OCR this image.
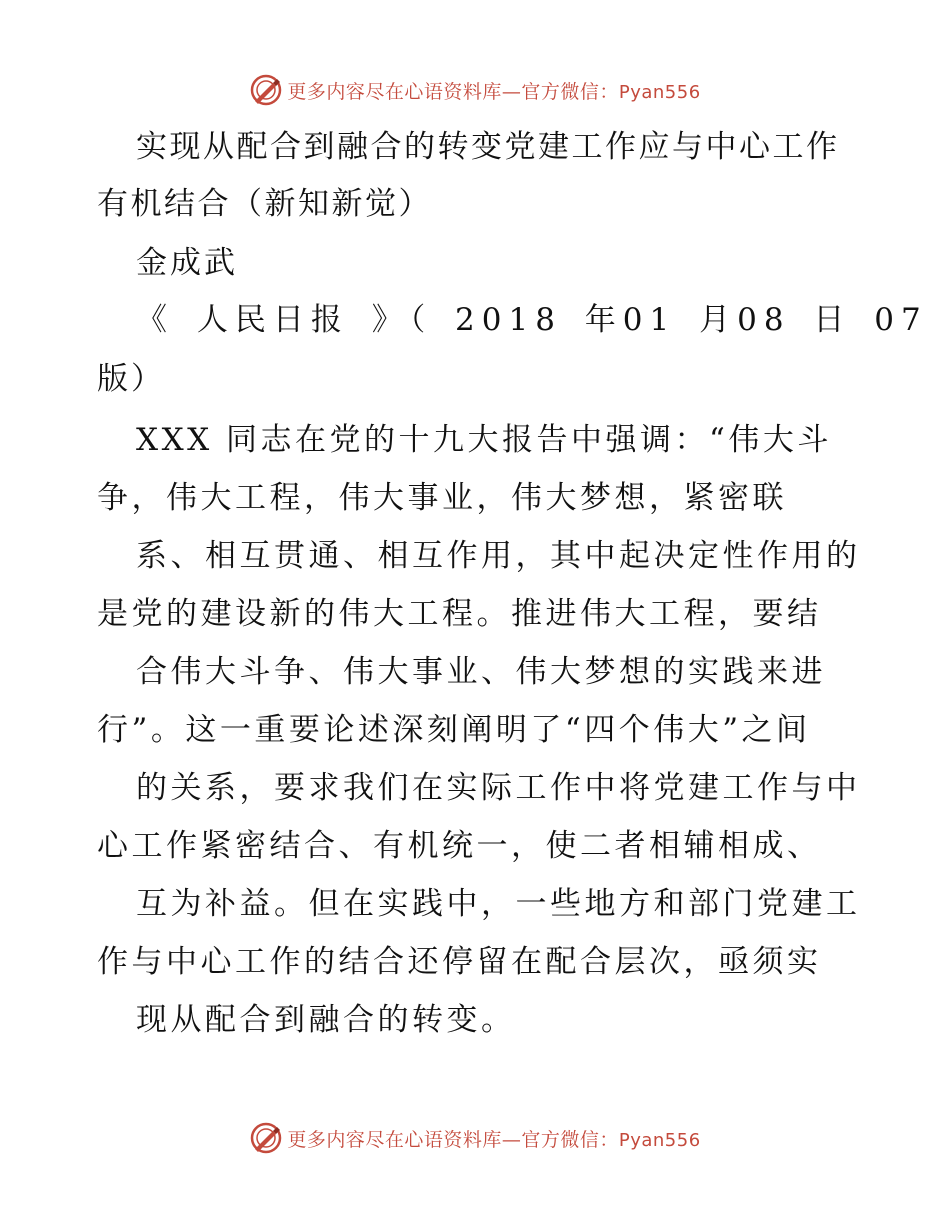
更多内容尽在心语资料库—官方微信：Pyan556
实现从配合到融合的转变党建工作应与中心工作
有机结合（新知新觉）
金成武
《 人民日报 》（ 2018 年01 月08 日 07
版）
XXX 同志在党的十九大报告中强调：“伟大斗
争，伟大工程，伟大事业，伟大梦想，紧密联
系、相互贯通、相互作用，其中起决定性作用的
是党的建设新的伟大工程。推进伟大工程，要结
合伟大斗争、伟大事业、伟大梦想的实践来进
行”。这一重要论述深刻阐明了“四个伟大”之间
的关系，要求我们在实际工作中将党建工作与中
心工作紧密结合、有机统一，使二者相辅相成、
互为补益。但在实践中，一些地方和部门党建工
作与中心工作的结合还停留在配合层次，亟须实
现从配合到融合的转变。
更多内容尽在心语资料库—官方微信：Pyan556
